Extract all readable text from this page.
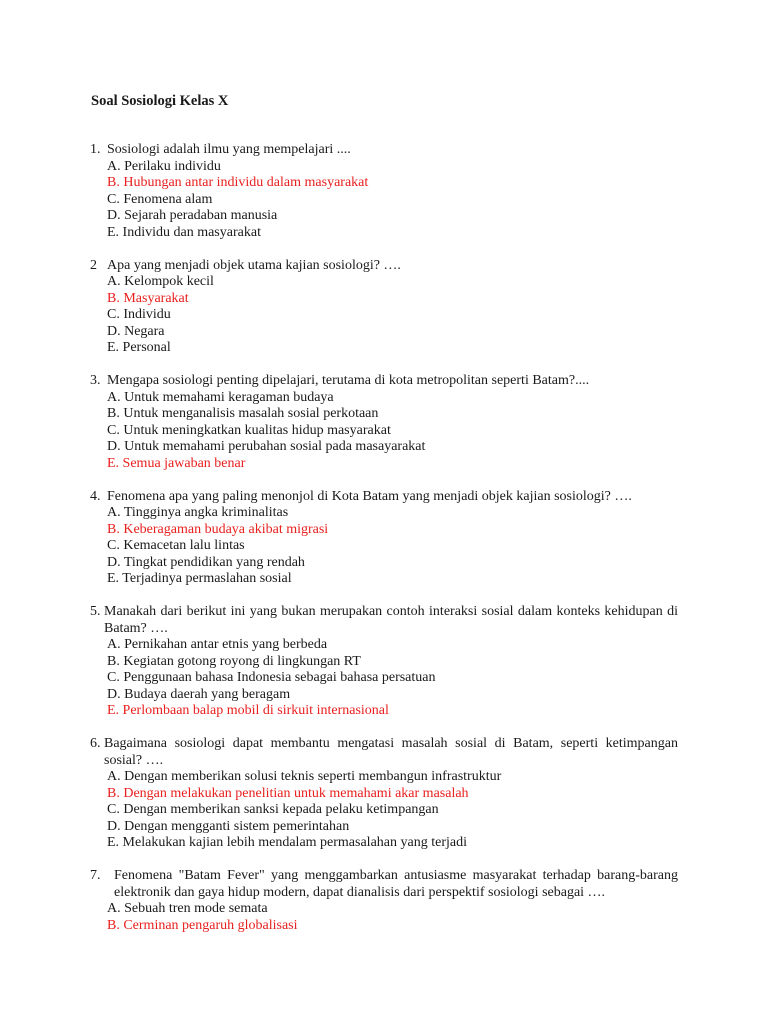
Soal Sosiologi Kelas X
1. Sosiologi adalah ilmu yang mempelajari ....
A. Perilaku individu
B. Hubungan antar individu dalam masyarakat
C. Fenomena alam
D. Sejarah peradaban manusia
E. Individu dan masyarakat
2 Apa yang menjadi objek utama kajian sosiologi? ….
A. Kelompok kecil
B. Masyarakat
C. Individu
D. Negara
E. Personal
3. Mengapa sosiologi penting dipelajari, terutama di kota metropolitan seperti Batam?....
A. Untuk memahami keragaman budaya
B. Untuk menganalisis masalah sosial perkotaan
C. Untuk meningkatkan kualitas hidup masyarakat
D. Untuk memahami perubahan sosial pada masayarakat
E. Semua jawaban benar
4. Fenomena apa yang paling menonjol di Kota Batam yang menjadi objek kajian sosiologi? ….
A. Tingginya angka kriminalitas
B. Keberagaman budaya akibat migrasi
C. Kemacetan lalu lintas
D. Tingkat pendidikan yang rendah
E. Terjadinya permaslahan sosial
5. Manakah dari berikut ini yang bukan merupakan contoh interaksi sosial dalam konteks kehidupan di Batam? ….
A. Pernikahan antar etnis yang berbeda
B. Kegiatan gotong royong di lingkungan RT
C. Penggunaan bahasa Indonesia sebagai bahasa persatuan
D. Budaya daerah yang beragam
E. Perlombaan balap mobil di sirkuit internasional
6. Bagaimana sosiologi dapat membantu mengatasi masalah sosial di Batam, seperti ketimpangan sosial? ….
A. Dengan memberikan solusi teknis seperti membangun infrastruktur
B. Dengan melakukan penelitian untuk memahami akar masalah
C. Dengan memberikan sanksi kepada pelaku ketimpangan
D. Dengan mengganti sistem pemerintahan
E. Melakukan kajian lebih mendalam permasalahan yang terjadi
7. Fenomena "Batam Fever" yang menggambarkan antusiasme masyarakat terhadap barang-barang elektronik dan gaya hidup modern, dapat dianalisis dari perspektif sosiologi sebagai ….
A. Sebuah tren mode semata
B. Cerminan pengaruh globalisasi
